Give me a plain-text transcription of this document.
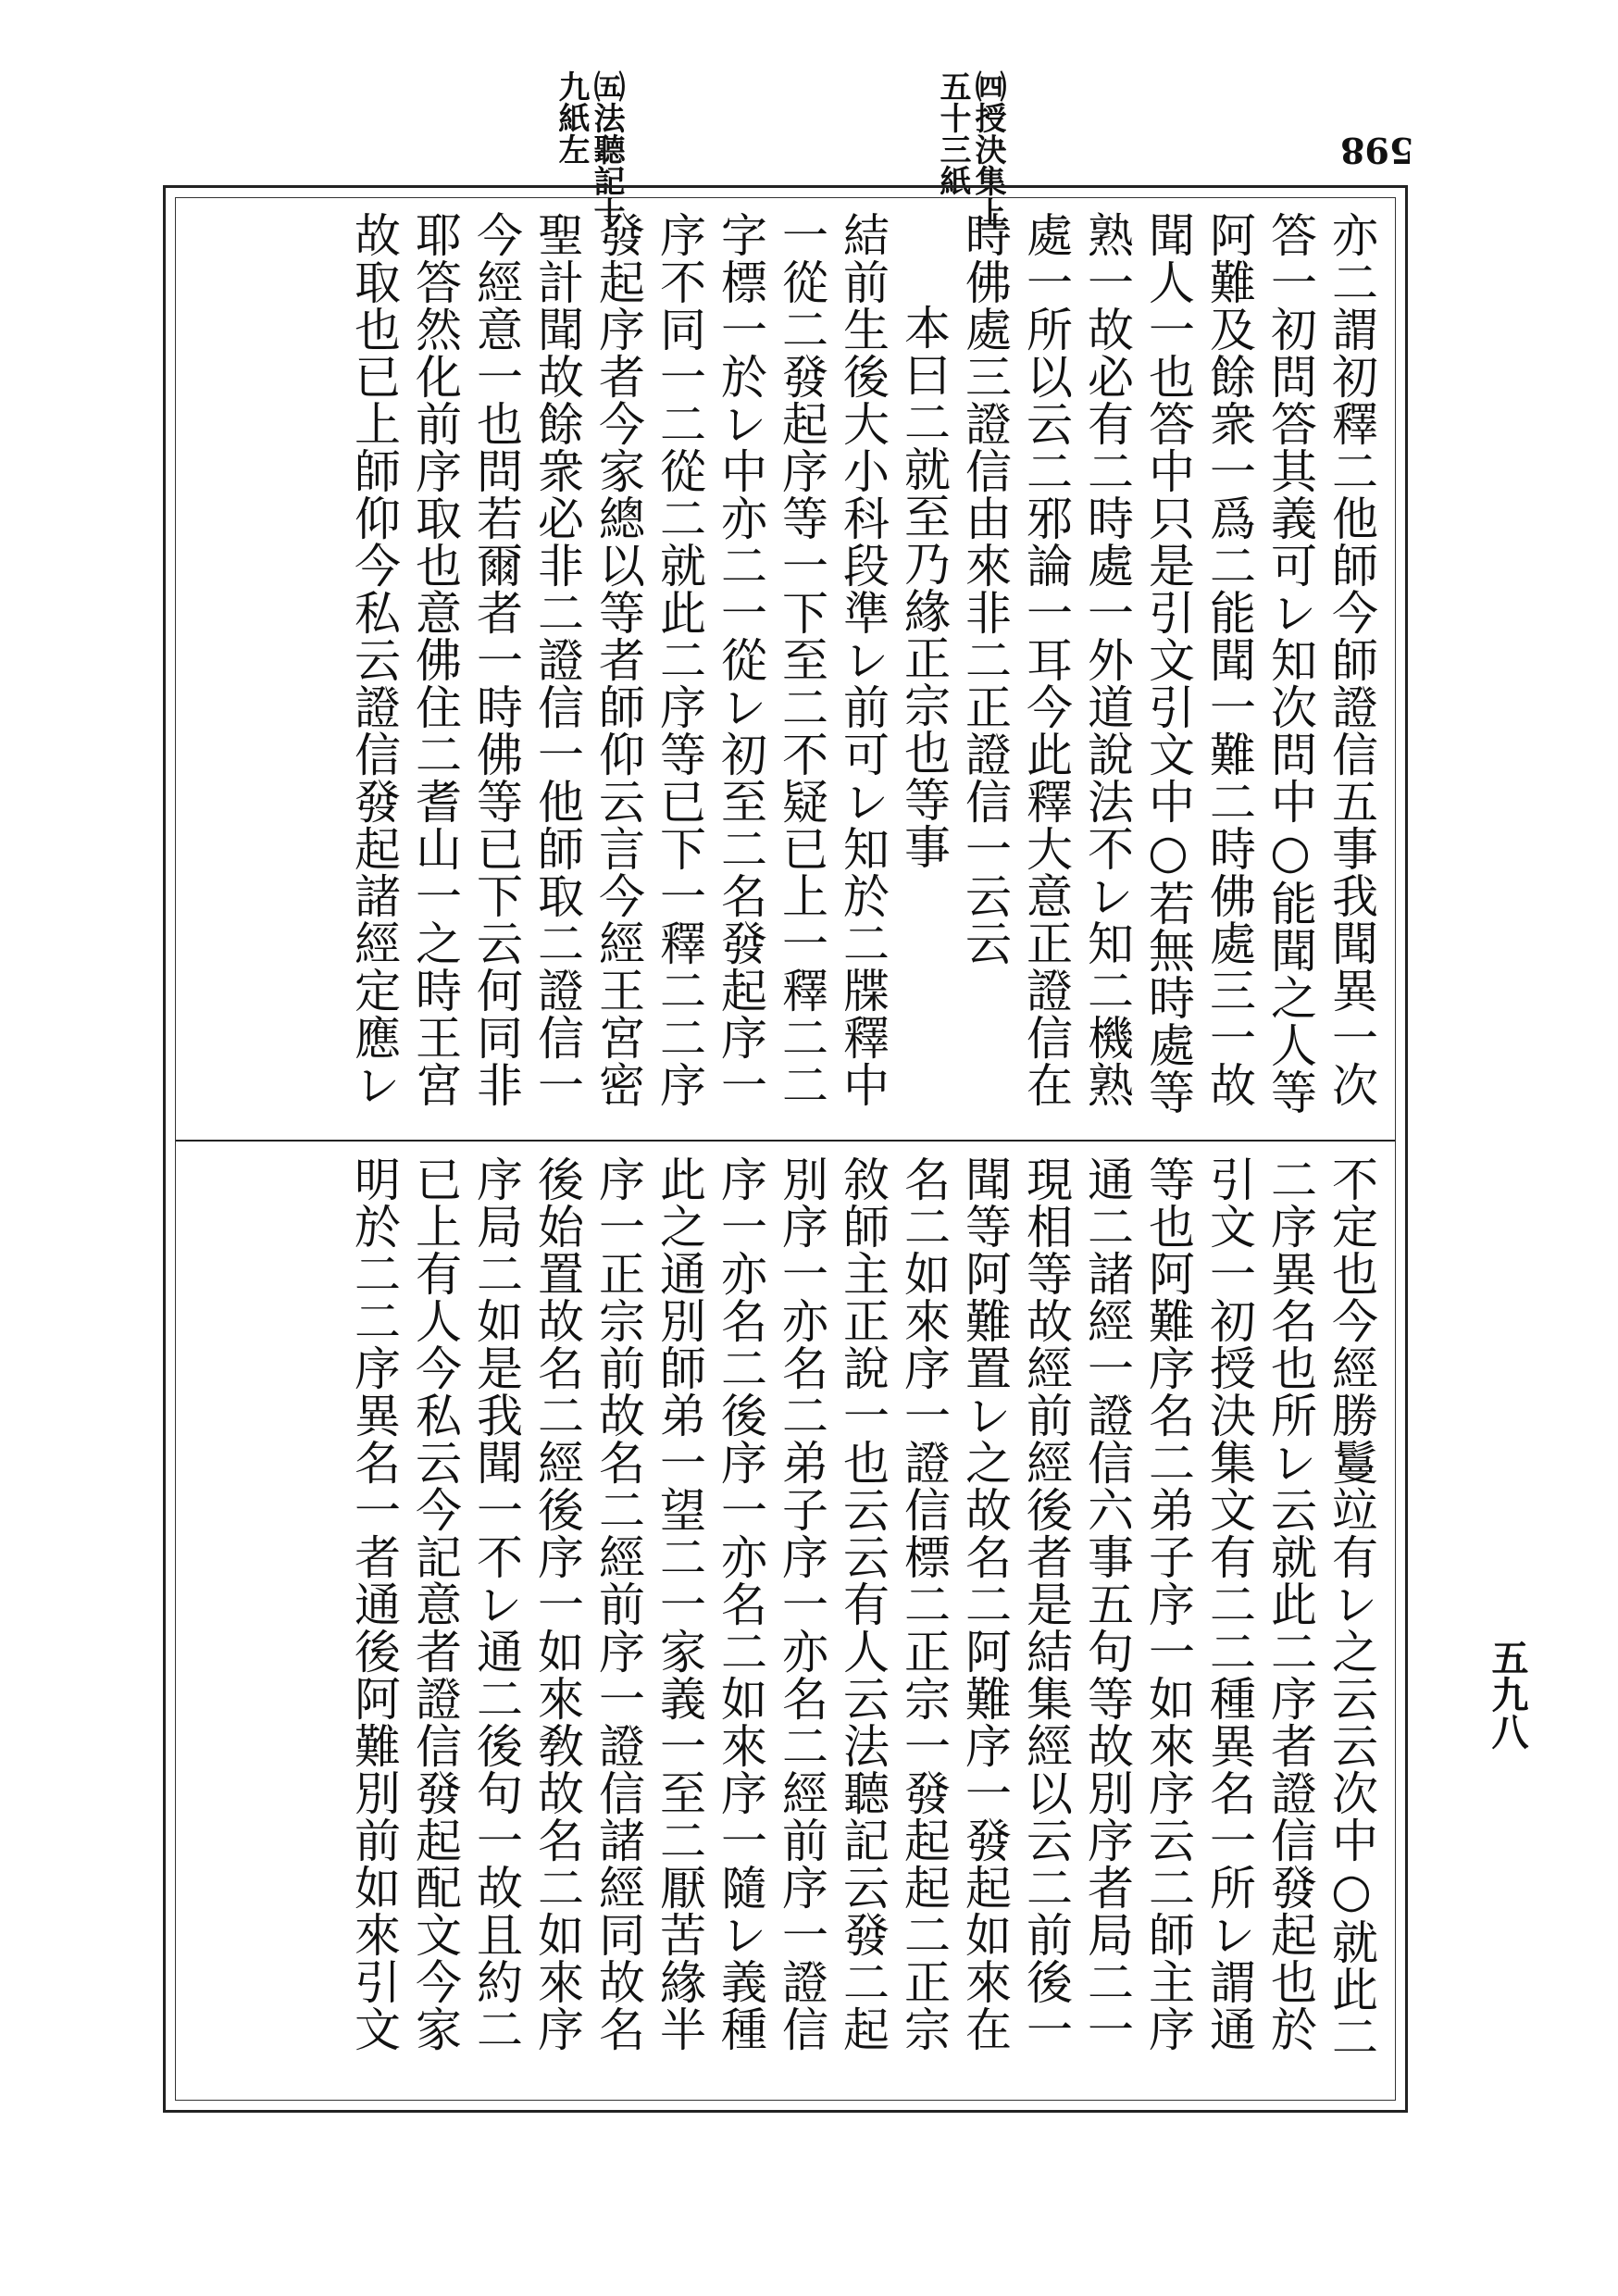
㈣授決集上
五十三紙
㈤法聽記十
九紙左	598
五九八
亦二謂初釋二他師今師證信五事我聞異一次
答一初問答其義可レ知次問中○能聞之人等
阿難及餘衆一爲二能聞一難二時佛處三一故
聞人一也答中只是引文引文中○若無時處等
熟一故必有二時處一外道說法不レ知二機熟
處一所以云二邪論一耳今此釋大意正證信在
時佛處三證信由來非二正證信一云云
本曰二就至乃緣正宗也等事
結前生後大小科段準レ前可レ知於二牒釋中
一從二發起序等一下至二不疑已上一釋二二
字標一於レ中亦二一從レ初至二名發起序一
序不同一二從二就此二序等已下一釋二二序
發起序者今家總以等者師仰云言今經王宮密
聖計聞故餘衆必非二證信一他師取二證信一
今經意一也問若爾者一時佛等已下云何同非
耶答然化前序取也意佛住二耆山一之時王宮
故取也已上師仰今私云證信發起諸經定應レ
不定也今經勝鬘竝有レ之云云次中○就此二
二序異名也所レ云就此二序者證信發起也於
引文一初授決集文有二二種異名一所レ謂通
等也阿難序名二弟子序一如來序云二師主序
通二諸經一證信六事五句等故別序者局二一
現相等故經前經後者是結集經以云二前後一
聞等阿難置レ之故名二阿難序一發起如來在
名二如來序一證信標二正宗一發起起二正宗
敘師主正說一也云云有人云法聽記云發二起
別序一亦名二弟子序一亦名二經前序一證信
序一亦名二後序一亦名二如來序一隨レ義種
此之通別師弟一望二一家義一至二厭苦緣半
序一正宗前故名二經前序一證信諸經同故名
後始置故名二經後序一如來敎故名二如來序
序局二如是我聞一不レ通二後句一故且約二
已上有人今私云今記意者證信發起配文今家
明於二二序異名一者通後阿難別前如來引文
